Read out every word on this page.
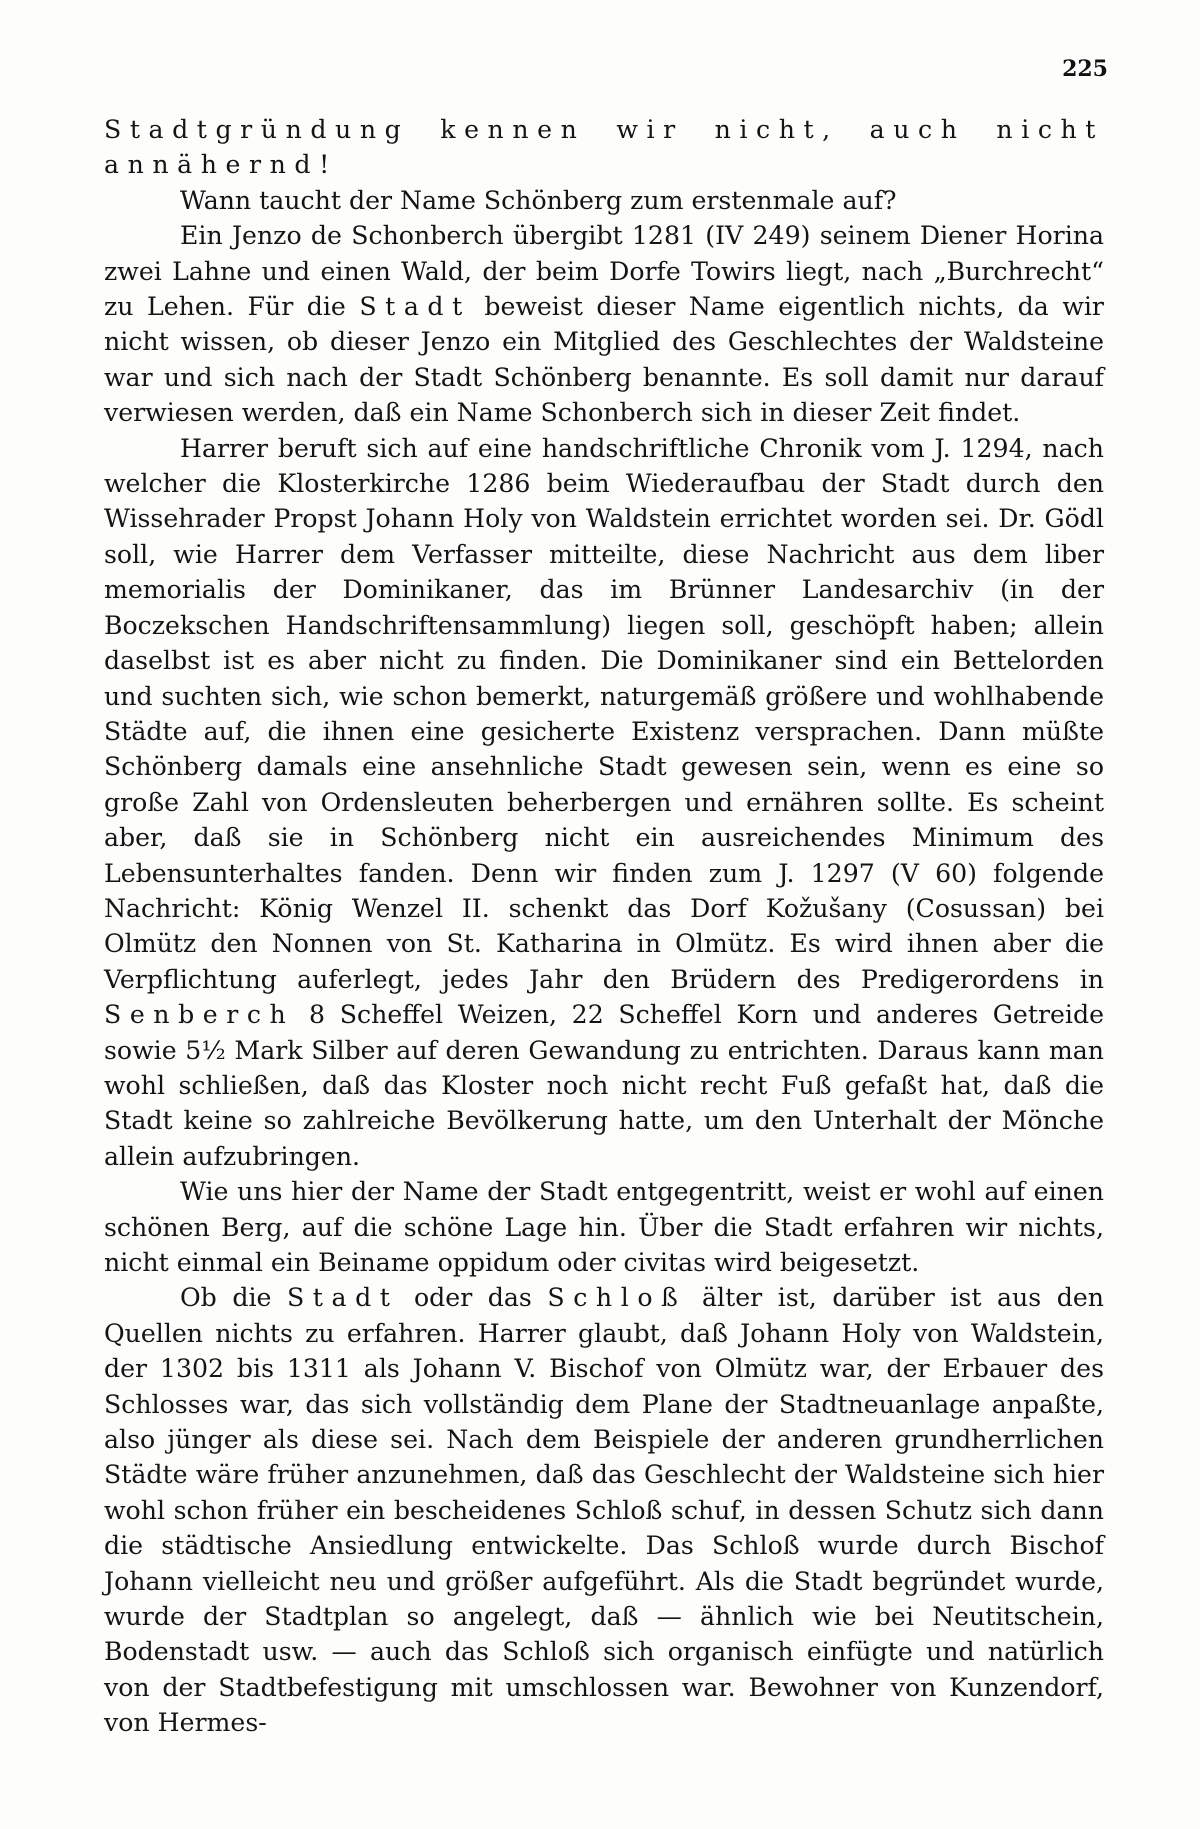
225

Stadtgründung kennen wir nicht, auch nicht annähernd!

Wann taucht der Name Schönberg zum erstenmale auf?

Ein Jenzo de Schonberch übergibt 1281 (IV 249) seinem Diener Horina zwei Lahne und einen Wald, der beim Dorfe Towirs liegt, nach „Burchrecht“ zu Lehen. Für die Stadt beweist dieser Name eigentlich nichts, da wir nicht wissen, ob dieser Jenzo ein Mitglied des Geschlechtes der Waldsteine war und sich nach der Stadt Schönberg benannte. Es soll damit nur darauf verwiesen werden, daß ein Name Schonberch sich in dieser Zeit findet.

Harrer beruft sich auf eine handschriftliche Chronik vom J. 1294, nach welcher die Klosterkirche 1286 beim Wiederaufbau der Stadt durch den Wissehrader Propst Johann Holy von Waldstein errichtet worden sei. Dr. Gödl soll, wie Harrer dem Verfasser mitteilte, diese Nachricht aus dem liber memorialis der Dominikaner, das im Brünner Landesarchiv (in der Boczekschen Handschriftensammlung) liegen soll, geschöpft haben; allein daselbst ist es aber nicht zu finden. Die Dominikaner sind ein Bettelorden und suchten sich, wie schon bemerkt, naturgemäß größere und wohlhabende Städte auf, die ihnen eine gesicherte Existenz versprachen. Dann müßte Schönberg damals eine ansehnliche Stadt gewesen sein, wenn es eine so große Zahl von Ordensleuten beherbergen und ernähren sollte. Es scheint aber, daß sie in Schönberg nicht ein ausreichendes Minimum des Lebensunterhaltes fanden. Denn wir finden zum J. 1297 (V 60) folgende Nachricht: König Wenzel II. schenkt das Dorf Kožušany (Cosussan) bei Olmütz den Nonnen von St. Katharina in Olmütz. Es wird ihnen aber die Verpflichtung auferlegt, jedes Jahr den Brüdern des Predigerordens in Senberch 8 Scheffel Weizen, 22 Scheffel Korn und anderes Getreide sowie 5½ Mark Silber auf deren Gewandung zu entrichten. Daraus kann man wohl schließen, daß das Kloster noch nicht recht Fuß gefaßt hat, daß die Stadt keine so zahlreiche Bevölkerung hatte, um den Unterhalt der Mönche allein aufzubringen.

Wie uns hier der Name der Stadt entgegentritt, weist er wohl auf einen schönen Berg, auf die schöne Lage hin. Über die Stadt erfahren wir nichts, nicht einmal ein Beiname oppidum oder civitas wird beigesetzt.

Ob die Stadt oder das Schloß älter ist, darüber ist aus den Quellen nichts zu erfahren. Harrer glaubt, daß Johann Holy von Waldstein, der 1302 bis 1311 als Johann V. Bischof von Olmütz war, der Erbauer des Schlosses war, das sich vollständig dem Plane der Stadtneuanlage anpaßte, also jünger als diese sei. Nach dem Beispiele der anderen grundherrlichen Städte wäre früher anzunehmen, daß das Geschlecht der Waldsteine sich hier wohl schon früher ein bescheidenes Schloß schuf, in dessen Schutz sich dann die städtische Ansiedlung entwickelte. Das Schloß wurde durch Bischof Johann vielleicht neu und größer aufgeführt. Als die Stadt begründet wurde, wurde der Stadtplan so angelegt, daß — ähnlich wie bei Neutitschein, Bodenstadt usw. — auch das Schloß sich organisch einfügte und natürlich von der Stadtbefestigung mit umschlossen war. Bewohner von Kunzendorf, von Hermes-
